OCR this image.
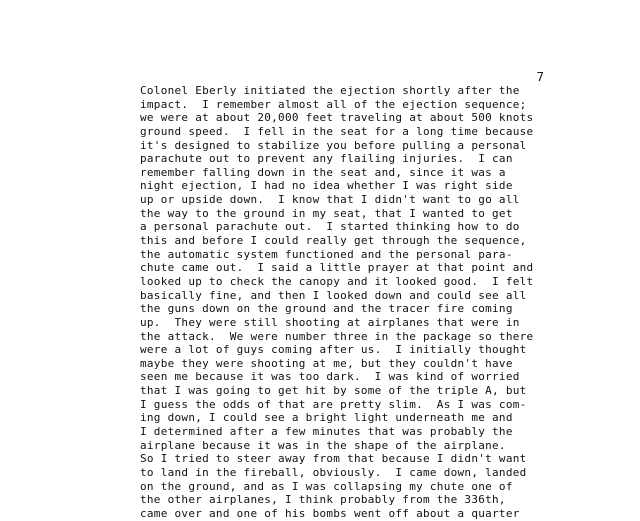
7
Colonel Eberly initiated the ejection shortly after the
impact.  I remember almost all of the ejection sequence;
we were at about 20,000 feet traveling at about 500 knots
ground speed.  I fell in the seat for a long time because
it's designed to stabilize you before pulling a personal
parachute out to prevent any flailing injuries.  I can
remember falling down in the seat and, since it was a
night ejection, I had no idea whether I was right side
up or upside down.  I know that I didn't want to go all
the way to the ground in my seat, that I wanted to get
a personal parachute out.  I started thinking how to do
this and before I could really get through the sequence,
the automatic system functioned and the personal para-
chute came out.  I said a little prayer at that point and
looked up to check the canopy and it looked good.  I felt
basically fine, and then I looked down and could see all
the guns down on the ground and the tracer fire coming
up.  They were still shooting at airplanes that were in
the attack.  We were number three in the package so there
were a lot of guys coming after us.  I initially thought
maybe they were shooting at me, but they couldn't have
seen me because it was too dark.  I was kind of worried
that I was going to get hit by some of the triple A, but
I guess the odds of that are pretty slim.  As I was com-
ing down, I could see a bright light underneath me and
I determined after a few minutes that was probably the
airplane because it was in the shape of the airplane.
So I tried to steer away from that because I didn't want
to land in the fireball, obviously.  I came down, landed
on the ground, and as I was collapsing my chute one of
the other airplanes, I think probably from the 336th,
came over and one of his bombs went off about a quarter
